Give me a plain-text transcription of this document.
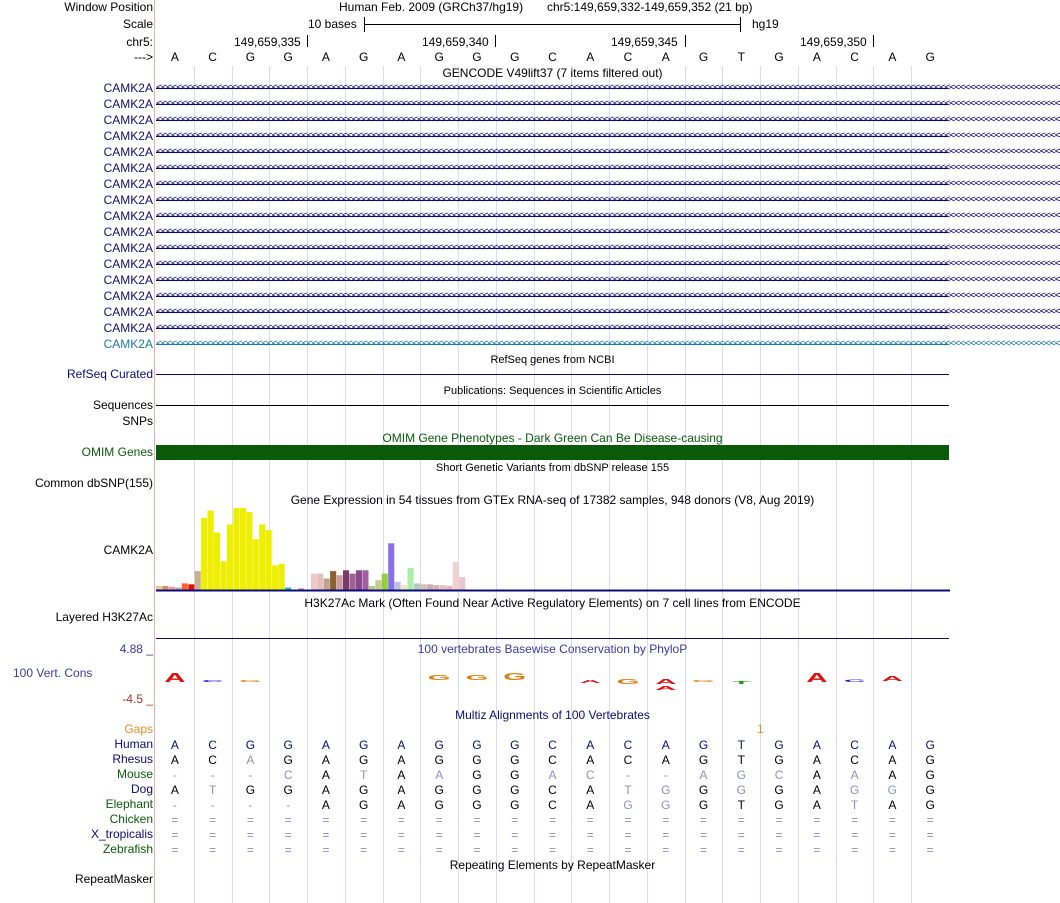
Window Position	Human Feb. 2009 (GRCh37/hg19) chr5:149,659,332-149,659,352 (21 bp)
Scale	10 bases	hg19
chr5:	149,659,335	149,659,340	149,659,345	149,659,350
--->	A	C	G	G	A	G	A	G	G	G	C	A	C	A	G	T	G	A	C	A	G
GENCODE V49lift37 (7 items filtered out)
CAMK2A <<<<<<<<<<<<<<<<<<<<<<<<<<<<<<<<<<<<<<<<<<<<<<<<<<<<<<<<<<<<<<<<<<<<<<<<<<<<<<<<<<<<<<<<<<<<<<<<<<<<<<<<<<<<<<<<<<<<<<<<<<<<<<<<<<<<<<<<<<<<<<<<<<<<<<<<<<<<<<<<<<<<<<<<<<<<<<<<<<<<
CAMK2A <<<<<<<<<<<<<<<<<<<<<<<<<<<<<<<<<<<<<<<<<<<<<<<<<<<<<<<<<<<<<<<<<<<<<<<<<<<<<<<<<<<<<<<<<<<<<<<<<<<<<<<<<<<<<<<<<<<<<<<<<<<<<<<<<<<<<<<<<<<<<<<<<<<<<<<<<<<<<<<<<<<<<<<<<<<<<<<<<<<<
CAMK2A <<<<<<<<<<<<<<<<<<<<<<<<<<<<<<<<<<<<<<<<<<<<<<<<<<<<<<<<<<<<<<<<<<<<<<<<<<<<<<<<<<<<<<<<<<<<<<<<<<<<<<<<<<<<<<<<<<<<<<<<<<<<<<<<<<<<<<<<<<<<<<<<<<<<<<<<<<<<<<<<<<<<<<<<<<<<<<<<<<<<
CAMK2A <<<<<<<<<<<<<<<<<<<<<<<<<<<<<<<<<<<<<<<<<<<<<<<<<<<<<<<<<<<<<<<<<<<<<<<<<<<<<<<<<<<<<<<<<<<<<<<<<<<<<<<<<<<<<<<<<<<<<<<<<<<<<<<<<<<<<<<<<<<<<<<<<<<<<<<<<<<<<<<<<<<<<<<<<<<<<<<<<<<<
CAMK2A <<<<<<<<<<<<<<<<<<<<<<<<<<<<<<<<<<<<<<<<<<<<<<<<<<<<<<<<<<<<<<<<<<<<<<<<<<<<<<<<<<<<<<<<<<<<<<<<<<<<<<<<<<<<<<<<<<<<<<<<<<<<<<<<<<<<<<<<<<<<<<<<<<<<<<<<<<<<<<<<<<<<<<<<<<<<<<<<<<<<
CAMK2A <<<<<<<<<<<<<<<<<<<<<<<<<<<<<<<<<<<<<<<<<<<<<<<<<<<<<<<<<<<<<<<<<<<<<<<<<<<<<<<<<<<<<<<<<<<<<<<<<<<<<<<<<<<<<<<<<<<<<<<<<<<<<<<<<<<<<<<<<<<<<<<<<<<<<<<<<<<<<<<<<<<<<<<<<<<<<<<<<<<<
CAMK2A <<<<<<<<<<<<<<<<<<<<<<<<<<<<<<<<<<<<<<<<<<<<<<<<<<<<<<<<<<<<<<<<<<<<<<<<<<<<<<<<<<<<<<<<<<<<<<<<<<<<<<<<<<<<<<<<<<<<<<<<<<<<<<<<<<<<<<<<<<<<<<<<<<<<<<<<<<<<<<<<<<<<<<<<<<<<<<<<<<<<
CAMK2A <<<<<<<<<<<<<<<<<<<<<<<<<<<<<<<<<<<<<<<<<<<<<<<<<<<<<<<<<<<<<<<<<<<<<<<<<<<<<<<<<<<<<<<<<<<<<<<<<<<<<<<<<<<<<<<<<<<<<<<<<<<<<<<<<<<<<<<<<<<<<<<<<<<<<<<<<<<<<<<<<<<<<<<<<<<<<<<<<<<<
CAMK2A <<<<<<<<<<<<<<<<<<<<<<<<<<<<<<<<<<<<<<<<<<<<<<<<<<<<<<<<<<<<<<<<<<<<<<<<<<<<<<<<<<<<<<<<<<<<<<<<<<<<<<<<<<<<<<<<<<<<<<<<<<<<<<<<<<<<<<<<<<<<<<<<<<<<<<<<<<<<<<<<<<<<<<<<<<<<<<<<<<<<
CAMK2A <<<<<<<<<<<<<<<<<<<<<<<<<<<<<<<<<<<<<<<<<<<<<<<<<<<<<<<<<<<<<<<<<<<<<<<<<<<<<<<<<<<<<<<<<<<<<<<<<<<<<<<<<<<<<<<<<<<<<<<<<<<<<<<<<<<<<<<<<<<<<<<<<<<<<<<<<<<<<<<<<<<<<<<<<<<<<<<<<<<<
CAMK2A <<<<<<<<<<<<<<<<<<<<<<<<<<<<<<<<<<<<<<<<<<<<<<<<<<<<<<<<<<<<<<<<<<<<<<<<<<<<<<<<<<<<<<<<<<<<<<<<<<<<<<<<<<<<<<<<<<<<<<<<<<<<<<<<<<<<<<<<<<<<<<<<<<<<<<<<<<<<<<<<<<<<<<<<<<<<<<<<<<<<
CAMK2A <<<<<<<<<<<<<<<<<<<<<<<<<<<<<<<<<<<<<<<<<<<<<<<<<<<<<<<<<<<<<<<<<<<<<<<<<<<<<<<<<<<<<<<<<<<<<<<<<<<<<<<<<<<<<<<<<<<<<<<<<<<<<<<<<<<<<<<<<<<<<<<<<<<<<<<<<<<<<<<<<<<<<<<<<<<<<<<<<<<<
CAMK2A <<<<<<<<<<<<<<<<<<<<<<<<<<<<<<<<<<<<<<<<<<<<<<<<<<<<<<<<<<<<<<<<<<<<<<<<<<<<<<<<<<<<<<<<<<<<<<<<<<<<<<<<<<<<<<<<<<<<<<<<<<<<<<<<<<<<<<<<<<<<<<<<<<<<<<<<<<<<<<<<<<<<<<<<<<<<<<<<<<<<
CAMK2A <<<<<<<<<<<<<<<<<<<<<<<<<<<<<<<<<<<<<<<<<<<<<<<<<<<<<<<<<<<<<<<<<<<<<<<<<<<<<<<<<<<<<<<<<<<<<<<<<<<<<<<<<<<<<<<<<<<<<<<<<<<<<<<<<<<<<<<<<<<<<<<<<<<<<<<<<<<<<<<<<<<<<<<<<<<<<<<<<<<<
CAMK2A <<<<<<<<<<<<<<<<<<<<<<<<<<<<<<<<<<<<<<<<<<<<<<<<<<<<<<<<<<<<<<<<<<<<<<<<<<<<<<<<<<<<<<<<<<<<<<<<<<<<<<<<<<<<<<<<<<<<<<<<<<<<<<<<<<<<<<<<<<<<<<<<<<<<<<<<<<<<<<<<<<<<<<<<<<<<<<<<<<<<
CAMK2A <<<<<<<<<<<<<<<<<<<<<<<<<<<<<<<<<<<<<<<<<<<<<<<<<<<<<<<<<<<<<<<<<<<<<<<<<<<<<<<<<<<<<<<<<<<<<<<<<<<<<<<<<<<<<<<<<<<<<<<<<<<<<<<<<<<<<<<<<<<<<<<<<<<<<<<<<<<<<<<<<<<<<<<<<<<<<<<<<<<<
CAMK2A <<<<<<<<<<<<<<<<<<<<<<<<<<<<<<<<<<<<<<<<<<<<<<<<<<<<<<<<<<<<<<<<<<<<<<<<<<<<<<<<<<<<<<<<<<<<<<<<<<<<<<<<<<<<<<<<<<<<<<<<<<<<<<<<<<<<<<<<<<<<<<<<<<<<<<<<<<<<<<<<<<<<<<<<<<<<<<<<<<<<
RefSeq genes from NCBI
RefSeq Curated
Publications: Sequences in Scientific Articles
Sequences
SNPs
OMIM Gene Phenotypes - Dark Green Can Be Disease-causing
OMIM Genes
Short Genetic Variants from dbSNP release 155
Common dbSNP(155)
Gene Expression in 54 tissues from GTEx RNA-seq of 17382 samples, 948 donors (V8, Aug 2019)
CAMK2A
H3K27Ac Mark (Often Found Near Active Regulatory Elements) on 7 cell lines from ENCODE
Layered H3K27Ac
100 vertebrates Basewise Conservation by PhyloP
4.88 _
100 Vert. Cons
-4.5 _
A C G	G G G	A G A
A
G T	A C A
Multiz Alignments of 100 Vertebrates
Gaps	1
Human	A	C	G	G	A	G	A	G	G	G	C	A	C	A	G	T	G	A	C	A	G
Rhesus	A	C	A	G	A	G	A	G	G	G	C	A	C	A	G	T	G	A	C	A	G
Mouse	-	-	-	C	A	T	A	A	G	G	A	C	-	-	A	G	C	A	A	A	G
Dog	A	T	G	G	A	G	A	G	G	G	C	A	T	G	G	G	G	A	G	G	G
Elephant	-	-	-	-	A	G	A	G	G	G	C	A	G	G	G	T	G	A	T	A	G
Chicken	=	=	=	=	=	=	=	=	=	=	=	=	=	=	=	=	=	=	=	=	=
X_tropicalis	=	=	=	=	=	=	=	=	=	=	=	=	=	=	=	=	=	=	=	=	=
Zebrafish	=	=	=	=	=	=	=	=	=	=	=	=	=	=	=	=	=	=	=	=	=
Repeating Elements by RepeatMasker
RepeatMasker
